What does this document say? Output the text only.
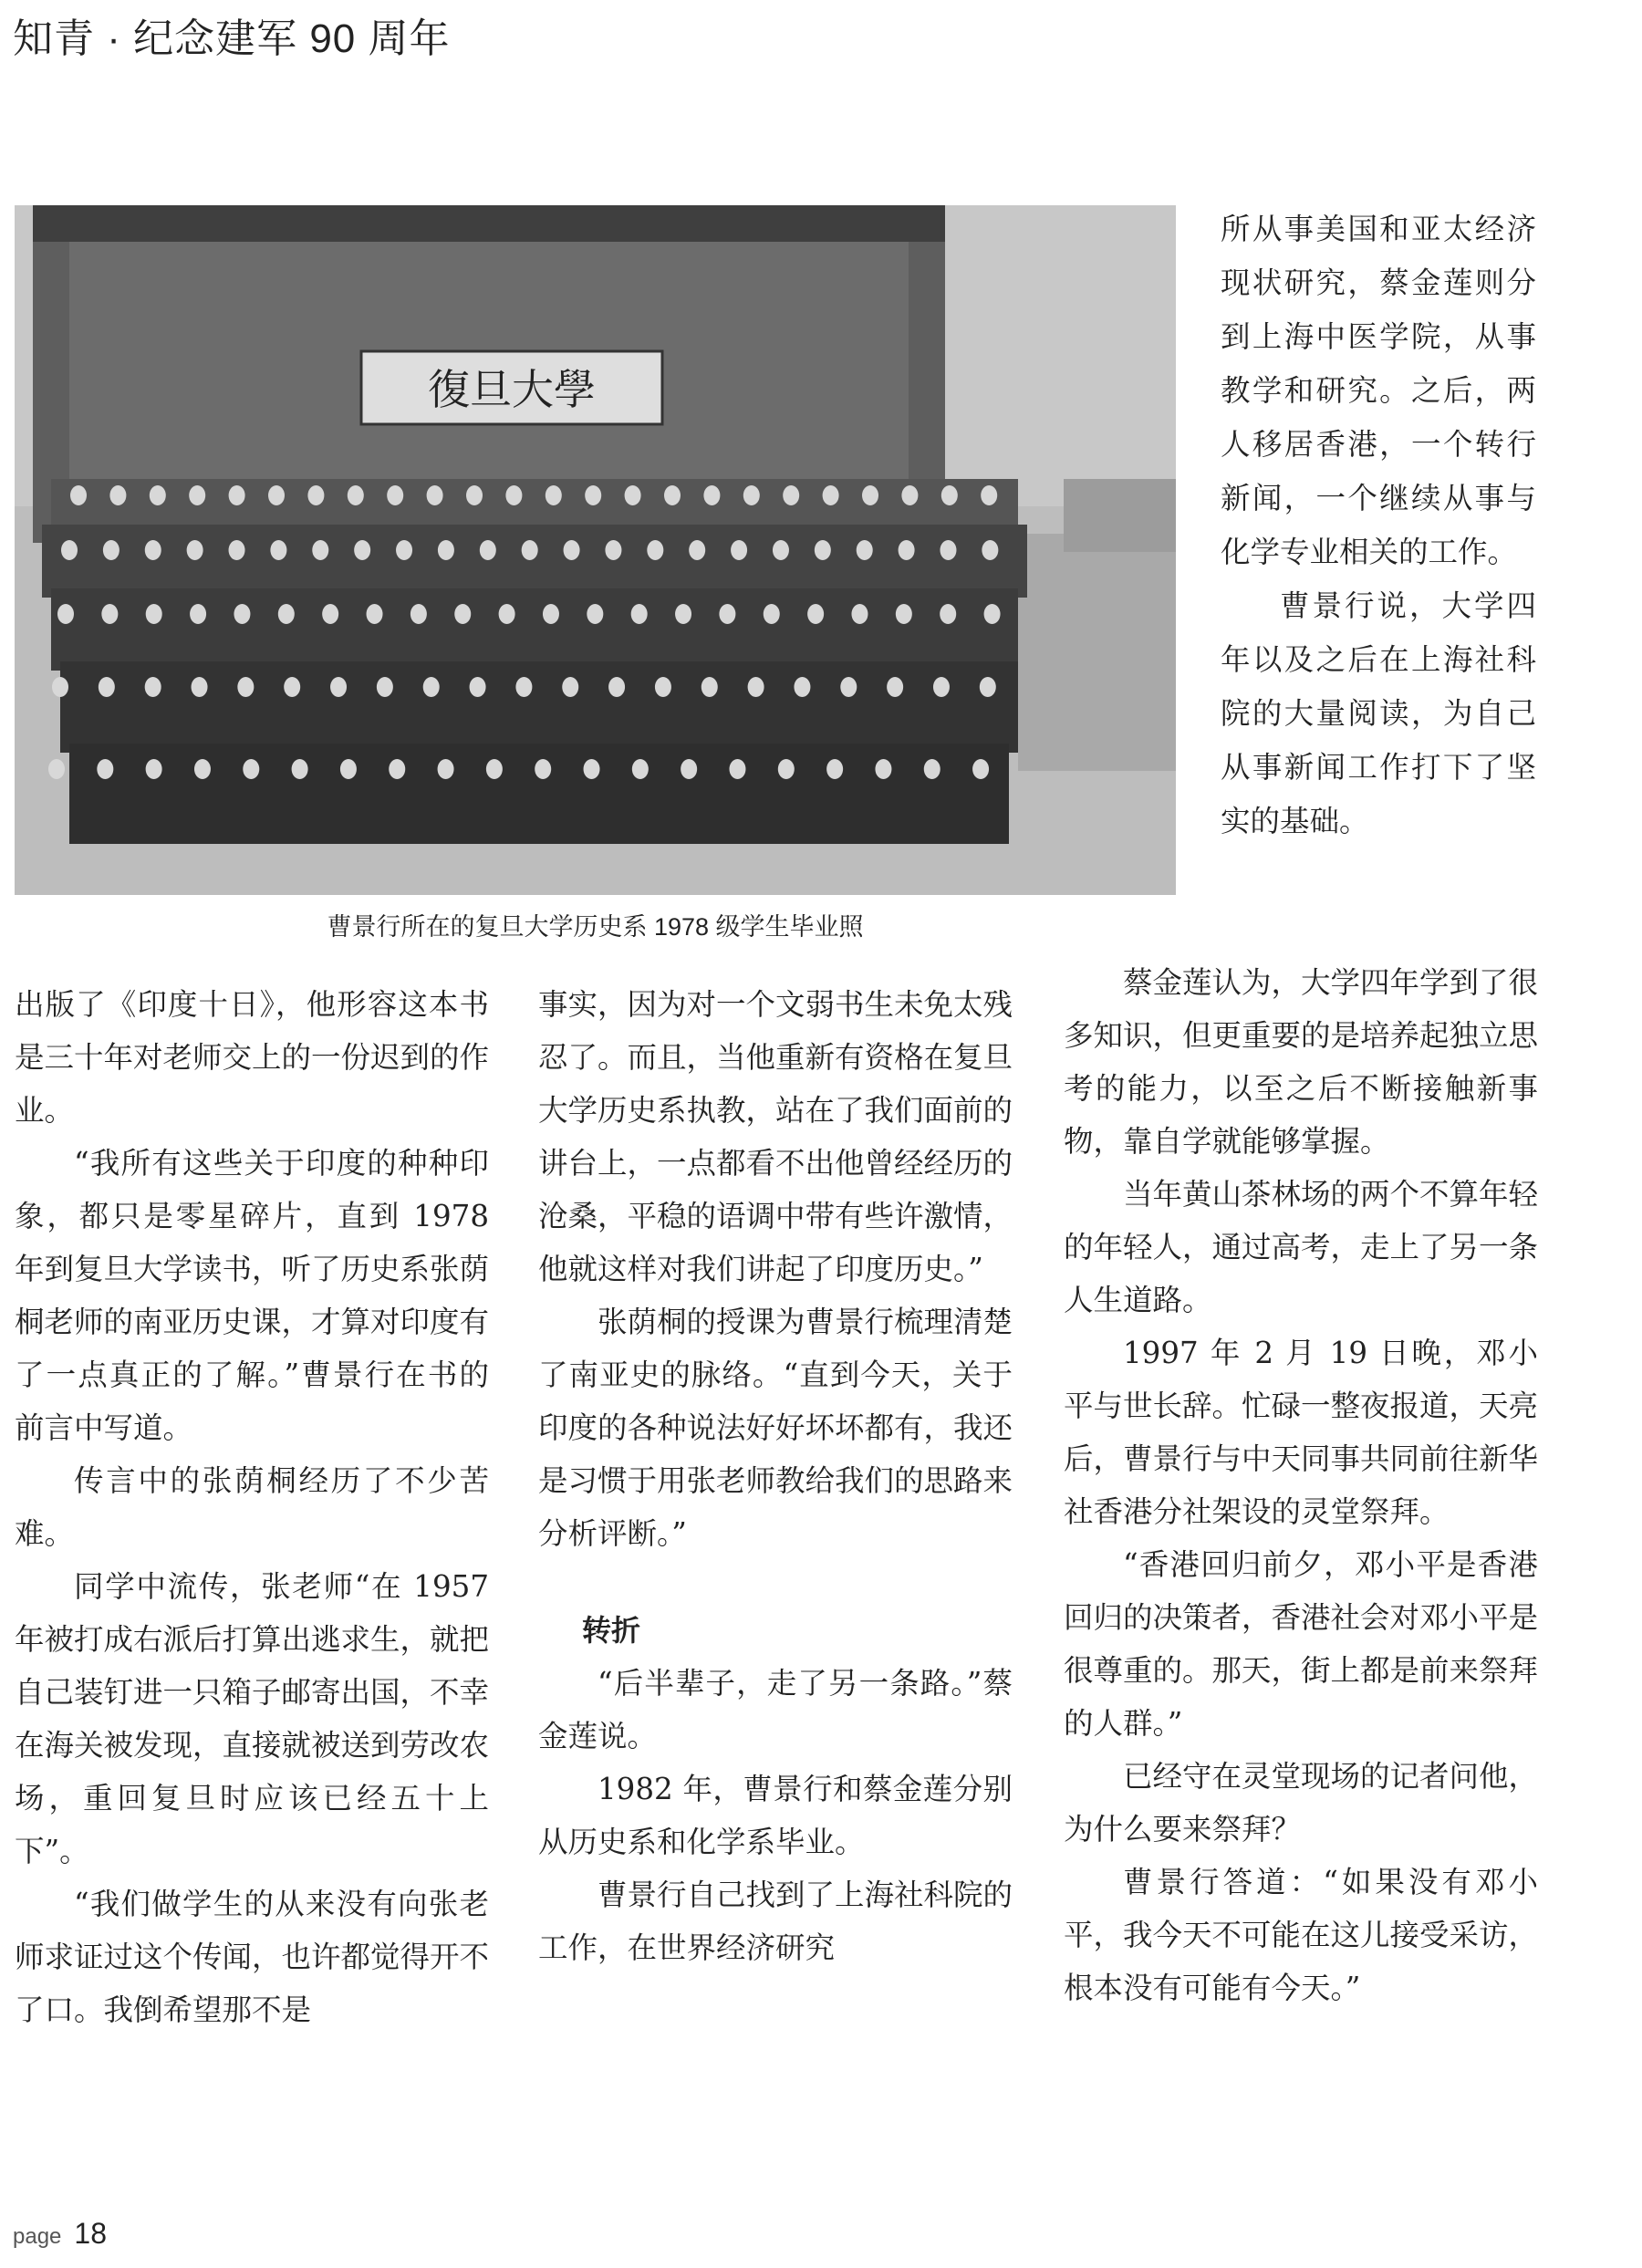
知青 · 纪念建军 90 周年
復旦大學
曹景行所在的复旦大学历史系 1978 级学生毕业照

出版了《印度十日》，他形容这本书是三十年对老师交上的一份迟到的作业。

“我所有这些关于印度的种种印象，都只是零星碎片，直到 1978 年到复旦大学读书，听了历史系张荫桐老师的南亚历史课，才算对印度有了一点真正的了解。”曹景行在书的前言中写道。

传言中的张荫桐经历了不少苦难。

同学中流传，张老师“在 1957 年被打成右派后打算出逃求生，就把自己装钉进一只箱子邮寄出国，不幸在海关被发现，直接就被送到劳改农场，重回复旦时应该已经五十上下”。

“我们做学生的从来没有向张老师求证过这个传闻，也许都觉得开不了口。我倒希望那不是

事实，因为对一个文弱书生未免太残忍了。而且，当他重新有资格在复旦大学历史系执教，站在了我们面前的讲台上，一点都看不出他曾经经历的沧桑，平稳的语调中带有些许激情，他就这样对我们讲起了印度历史。”

张荫桐的授课为曹景行梳理清楚了南亚史的脉络。“直到今天，关于印度的各种说法好好坏坏都有，我还是习惯于用张老师教给我们的思路来分析评断。”

转折

“后半辈子，走了另一条路。”蔡金莲说。

1982 年，曹景行和蔡金莲分别从历史系和化学系毕业。

曹景行自己找到了上海社科院的工作，在世界经济研究

所从事美国和亚太经济现状研究，蔡金莲则分到上海中医学院，从事教学和研究。之后，两人移居香港，一个转行新闻，一个继续从事与化学专业相关的工作。

曹景行说，大学四年以及之后在上海社科院的大量阅读，为自己从事新闻工作打下了坚实的基础。

蔡金莲认为，大学四年学到了很多知识，但更重要的是培养起独立思考的能力，以至之后不断接触新事物，靠自学就能够掌握。

当年黄山茶林场的两个不算年轻的年轻人，通过高考，走上了另一条人生道路。

1997 年 2 月 19 日晚，邓小平与世长辞。忙碌一整夜报道，天亮后，曹景行与中天同事共同前往新华社香港分社架设的灵堂祭拜。

“香港回归前夕，邓小平是香港回归的决策者，香港社会对邓小平是很尊重的。那天，街上都是前来祭拜的人群。”

已经守在灵堂现场的记者问他，为什么要来祭拜？

曹景行答道：“如果没有邓小平，我今天不可能在这儿接受采访，根本没有可能有今天。”

page 18
